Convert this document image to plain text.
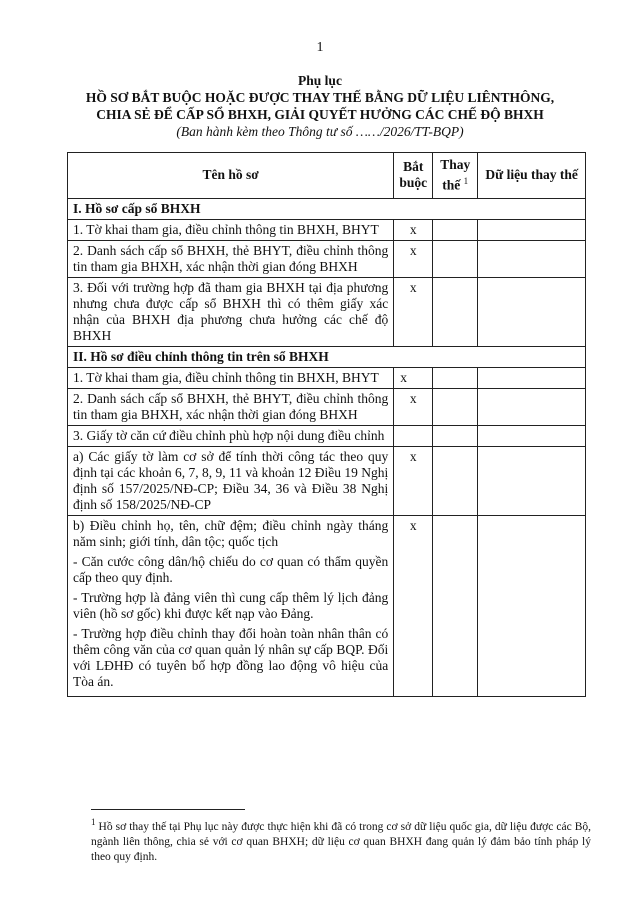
1
Phụ lục
HỒ SƠ BẮT BUỘC HOẶC ĐƯỢC THAY THẾ BẰNG DỮ LIỆU LIÊNTHÔNG,
CHIA SẺ ĐỂ CẤP SỔ BHXH, GIẢI QUYẾT HƯỞNG CÁC CHẾ ĐỘ BHXH
(Ban hành kèm theo Thông tư số ……/2026/TT-BQP)
Tên hồ sơ	Bắt buộc	Thay thế $^1$	Dữ liệu thay thế
I. Hồ sơ cấp sổ BHXH			
1. Tờ khai tham gia, điều chỉnh thông tin BHXH, BHYT	x		
2. Danh sách cấp sổ BHXH, thẻ BHYT, điều chỉnh thông tin tham gia BHXH, xác nhận thời gian đóng BHXH	x		
3. Đối với trường hợp đã tham gia BHXH tại địa phương nhưng chưa được cấp sổ BHXH thì có thêm giấy xác nhận của BHXH địa phương chưa hưởng các chế độ BHXH	x		
II. Hồ sơ điều chỉnh thông tin trên sổ BHXH			
1. Tờ khai tham gia, điều chỉnh thông tin BHXH, BHYT	x		
2. Danh sách cấp sổ BHXH, thẻ BHYT, điều chỉnh thông tin tham gia BHXH, xác nhận thời gian đóng BHXH	x		
3. Giấy tờ căn cứ điều chỉnh phù hợp nội dung điều chỉnh			
a) Các giấy tờ làm cơ sở để tính thời công tác theo quy định tại các khoản 6, 7, 8, 9, 11 và khoản 12 Điều 19 Nghị định số 157/2025/NĐ-CP; Điều 34, 36 và Điều 38 Nghị định số 158/2025/NĐ-CP	x		

b) Điều chỉnh họ, tên, chữ đệm; điều chỉnh ngày tháng năm sinh; giới tính, dân tộc; quốc tịch

- Căn cước công dân/hộ chiếu do cơ quan có thẩm quyền cấp theo quy định.

- Trường hợp là đảng viên thì cung cấp thêm lý lịch đảng viên (hồ sơ gốc) khi được kết nạp vào Đảng.

- Trường hợp điều chỉnh thay đổi hoàn toàn nhân thân có thêm công văn của cơ quan quản lý nhân sự cấp BQP. Đối với LĐHĐ có tuyên bố hợp đồng lao động vô hiệu của Tòa án.	x		
$^1$ Hồ sơ thay thế tại Phụ lục này được thực hiện khi đã có trong cơ sở dữ liệu quốc gia, dữ liệu được các Bộ, ngành liên thông, chia sẻ với cơ quan BHXH; dữ liệu cơ quan BHXH đang quản lý đảm bảo tính pháp lý theo quy định.
